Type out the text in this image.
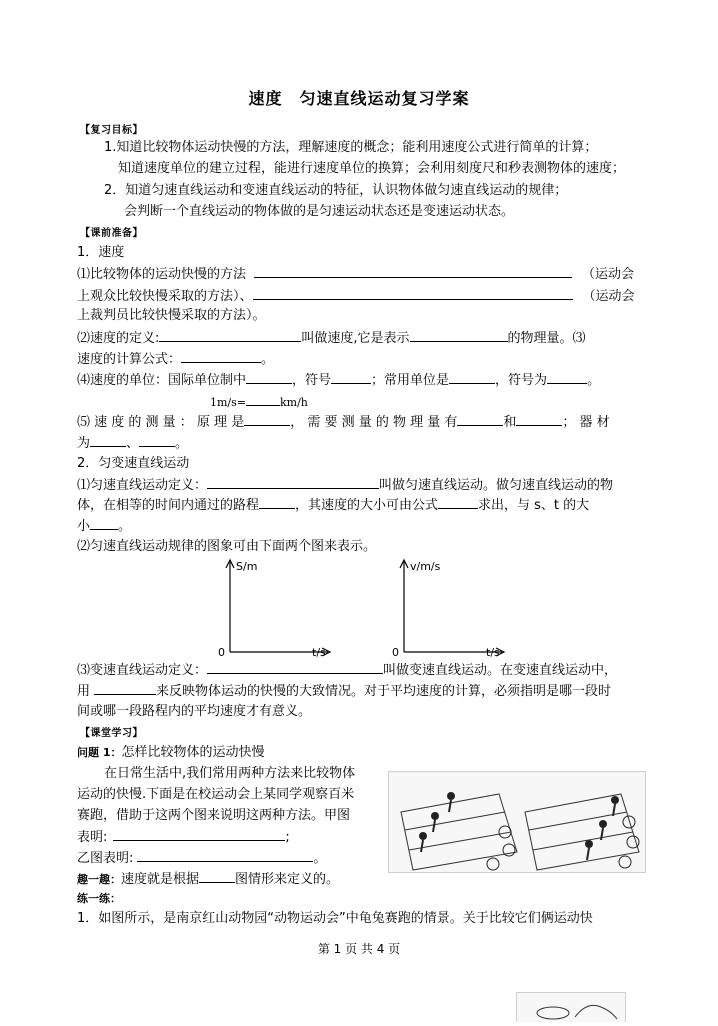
速度　匀速直线运动复习学案
【复习目标】
1.知道比较物体运动快慢的方法，理解速度的概念；能利用速度公式进行简单的计算；
知道速度单位的建立过程，能进行速度单位的换算；会利用刻度尺和秒表测物体的速度；
2．知道匀速直线运动和变速直线运动的特征，认识物体做匀速直线运动的规律；
会判断一个直线运动的物体做的是匀速运动状态还是变速运动状态。
【课前准备】
1．速度
⑴比较物体的运动快慢的方法	（运动会
上观众比较快慢采取的方法）、	（运动会
上裁判员比较快慢采取的方法）。
⑵速度的定义:	叫做速度,它是表示	的物理量。⑶
速度的计算公式：	。
⑷速度的单位：国际单位制中	，符号	；常用单位是	，符号为	。
1m/s=	km/h
⑸ 速 度 的 测 量 ： 原 理 是	， 需 要 测 量 的 物 理 量 有	和	； 器 材
为	、	。
2．匀变速直线运动
⑴匀速直线运动定义：	叫做匀速直线运动。做匀速直线运动的物
体，在相等的时间内通过的路程	，其速度的大小可由公式	求出，与 s、t 的大
小 。
⑵匀速直线运动规律的图象可由下面两个图来表示。
S/m
0	t/s
v/m/s
0	t/s
⑶变速直线运动定义：	叫做变速直线运动。在变速直线运动中，
用	来反映物体运动的快慢的大致情况。对于平均速度的计算，必须指明是哪一段时
间或哪一段路程内的平均速度才有意义。
【课堂学习】
问题 1：怎样比较物体的运动快慢
在日常生活中,我们常用两种方法来比较物体
运动的快慢.下面是在校运动会上某同学观察百米
赛跑，借助于这两个图来说明这两种方法。甲图
表明:	;
乙图表明:	。
趣一趣：速度就是根据	图情形来定义的。
练一练：
1．如图所示，是南京红山动物园“动物运动会”中龟兔赛跑的情景。关于比较它们俩运动快
第 1 页 共 4 页
